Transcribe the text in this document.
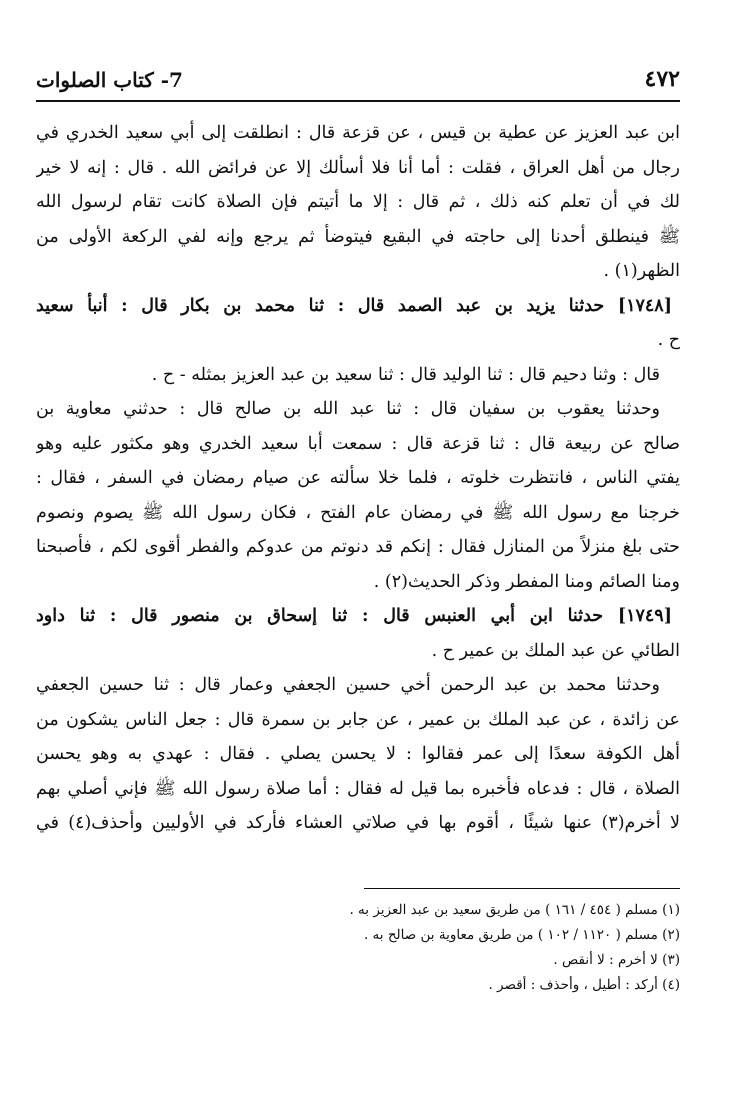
٤٧٢
7- كتاب الصلوات
ابن عبد العزيز عن عطية بن قيس ، عن قزعة قال : انطلقت إلى أبي سعيد الخدري في
رجال من أهل العراق ، فقلت : أما أنا فلا أسألك إلا عن فرائض الله . قال : إنه لا خير
لك في أن تعلم كنه ذلك ، ثم قال : إلا ما أتيتم فإن الصلاة كانت تقام لرسول الله
ﷺ فينطلق أحدنا إلى حاجته في البقيع فيتوضأ ثم يرجع وإنه لفي الركعة الأولى من
الظهر(١) .
[١٧٤٨] حدثنا يزيد بن عبد الصمد قال : ثنا محمد بن بكار قال : أنبأ سعيد
ح .
قال : وثنا دحيم قال : ثنا الوليد قال : ثنا سعيد بن عبد العزيز بمثله - ح .
وحدثنا يعقوب بن سفيان قال : ثنا عبد الله بن صالح قال : حدثني معاوية بن
صالح عن ربيعة قال : ثنا قزعة قال : سمعت أبا سعيد الخدري وهو مكثور عليه وهو
يفتي الناس ، فانتظرت خلوته ، فلما خلا سألته عن صيام رمضان في السفر ، فقال :
خرجنا مع رسول الله ﷺ في رمضان عام الفتح ، فكان رسول الله ﷺ يصوم ونصوم
حتى بلغ منزلاً من المنازل فقال : إنكم قد دنوتم من عدوكم والفطر أقوى لكم ، فأصبحنا
ومنا الصائم ومنا المفطر وذكر الحديث(٢) .
[١٧٤٩] حدثنا ابن أبي العنبس قال : ثنا إسحاق بن منصور قال : ثنا داود
الطائي عن عبد الملك بن عمير ح .
وحدثنا محمد بن عبد الرحمن أخي حسين الجعفي وعمار قال : ثنا حسين الجعفي
عن زائدة ، عن عبد الملك بن عمير ، عن جابر بن سمرة قال : جعل الناس يشكون من
أهل الكوفة سعدًا إلى عمر فقالوا : لا يحسن يصلي . فقال : عهدي به وهو يحسن
الصلاة ، قال : فدعاه فأخبره بما قيل له فقال : أما صلاة رسول الله ﷺ فإني أصلي بهم
لا أخرم(٣) عنها شيئًا ، أقوم بها في صلاتي العشاء فأركد في الأوليين وأحذف(٤) في
(١) مسلم ( ٤٥٤ / ١٦١ ) من طريق سعيد بن عبد العزيز به .
(٢) مسلم ( ١١٢٠ / ١٠٢ ) من طريق معاوية بن صالح به .
(٣) لا أخرم : لا أنقص .
(٤) أركد : أطيل ، وأحذف : أقصر .
